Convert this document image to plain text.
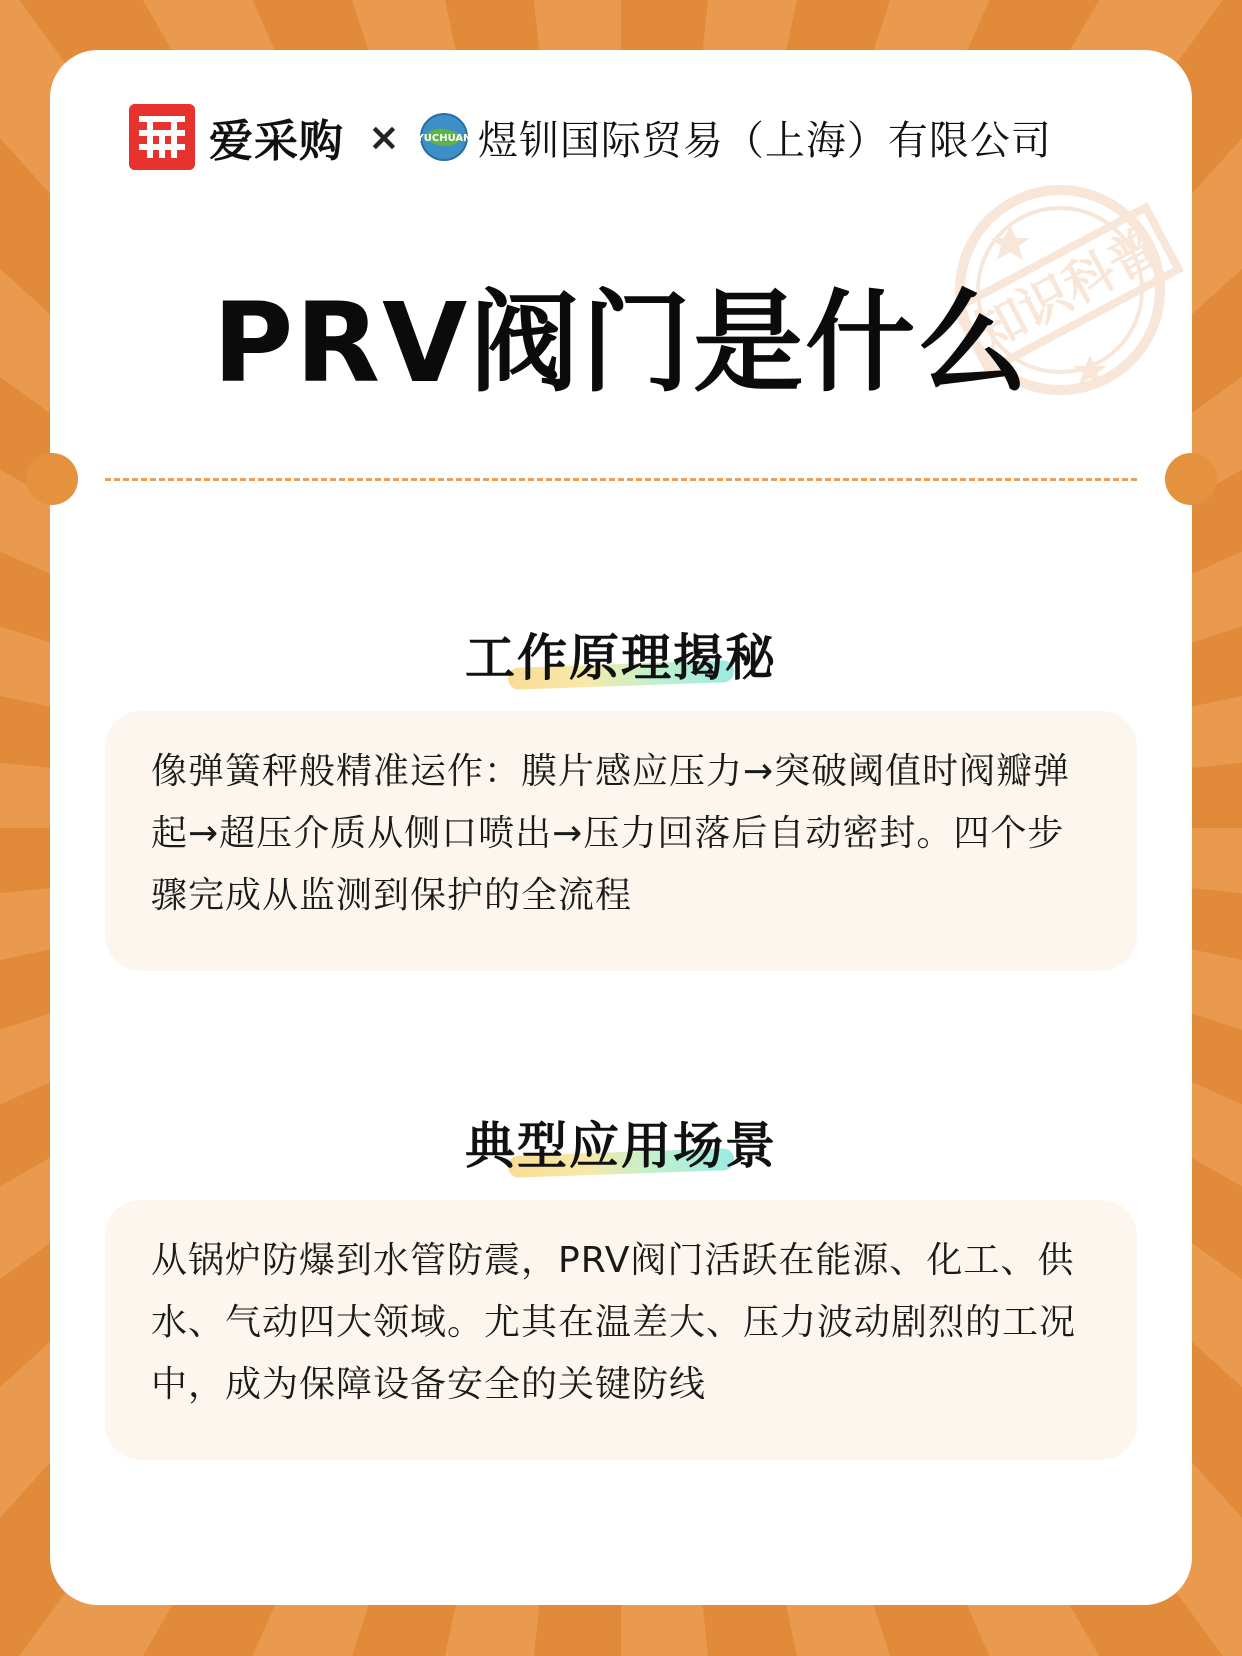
知识科普
爱采购 × YUCHUAN 煜钏国际贸易（上海）有限公司
PRV阀门是什么
工作原理揭秘
像弹簧秤般精准运作：膜片感应压力→突破阈值时阀瓣弹起→超压介质从侧口喷出→压力回落后自动密封。四个步骤完成从监测到保护的全流程
典型应用场景
从锅炉防爆到水管防震，PRV阀门活跃在能源、化工、供水、气动四大领域。尤其在温差大、压力波动剧烈的工况中，成为保障设备安全的关键防线
